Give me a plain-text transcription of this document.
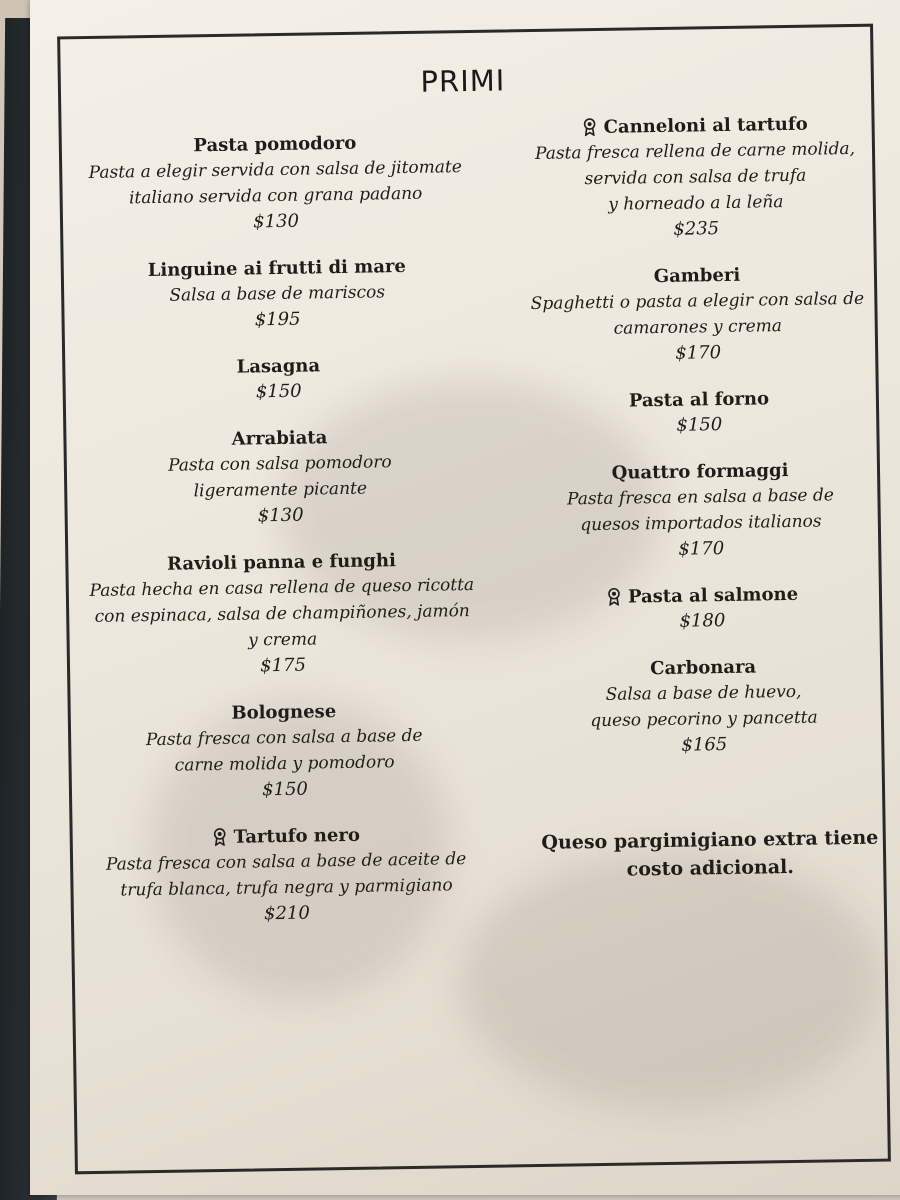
PRIMI
Pasta pomodoro
Pasta a elegir servida con salsa de jitomate
italiano servida con grana padano
$130
Linguine ai frutti di mare
Salsa a base de mariscos
$195
Lasagna
$150
Arrabiata
Pasta con salsa pomodoro
ligeramente picante
$130
Ravioli panna e funghi
Pasta hecha en casa rellena de queso ricotta
con espinaca, salsa de champiñones, jamón
y crema
$175
Bolognese
Pasta fresca con salsa a base de
carne molida y pomodoro
$150
Tartufo nero
Pasta fresca con salsa a base de aceite de
trufa blanca, trufa negra y parmigiano
$210
Canneloni al tartufo
Pasta fresca rellena de carne molida,
servida con salsa de trufa
y horneado a la leña
$235
Gamberi
Spaghetti o pasta a elegir con salsa de
camarones y crema
$170
Pasta al forno
$150
Quattro formaggi
Pasta fresca en salsa a base de
quesos importados italianos
$170
Pasta al salmone
$180
Carbonara
Salsa a base de huevo,
queso pecorino y pancetta
$165
Queso pargimigiano extra tiene
costo adicional.
